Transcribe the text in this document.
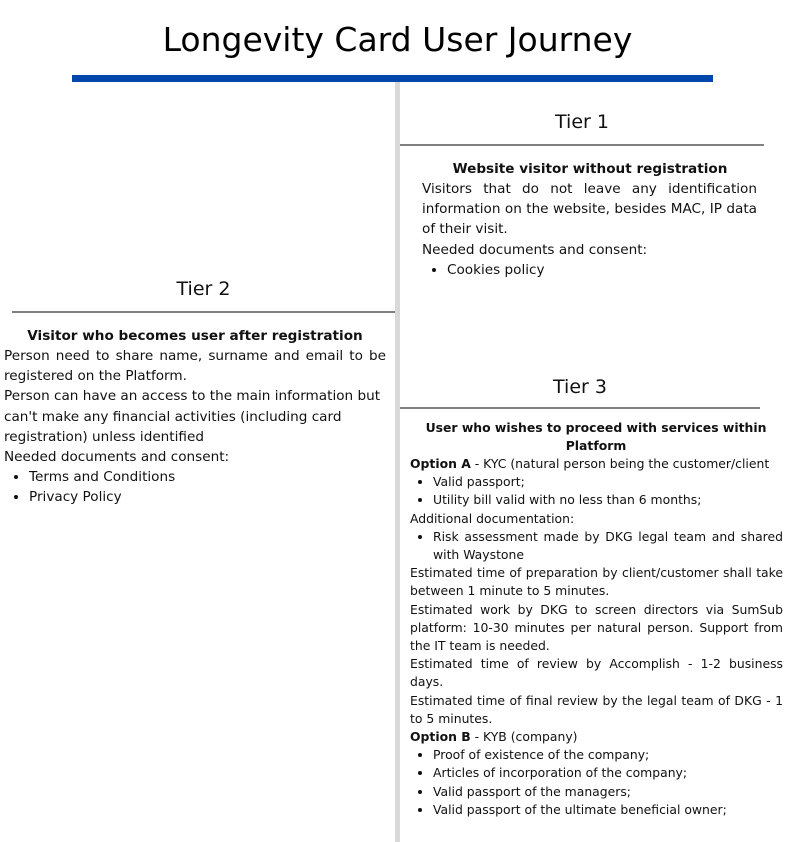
Longevity Card User Journey
Tier 1
Website visitor without registration

Visitors that do not leave any identification information on the website, besides MAC, IP data of their visit.

Needed documents and consent:

• Cookies policy
Tier 2
Visitor who becomes user after registration

Person need to share name, surname and email to be registered on the Platform.

Person can have an access to the main information but can't make any financial activities (including card registration) unless identified

Needed documents and consent:

• Terms and Conditions
• Privacy Policy
Tier 3
User who wishes to proceed with services within Platform

Option A - KYC (natural person being the customer/client

• Valid passport;
• Utility bill valid with no less than 6 months;

Additional documentation:

• Risk assessment made by DKG legal team and shared with Waystone

Estimated time of preparation by client/customer shall take between 1 minute to 5 minutes.

Estimated work by DKG to screen directors via SumSub platform: 10-30 minutes per natural person. Support from the IT team is needed.

Estimated time of review by Accomplish - 1-2 business days.

Estimated time of final review by the legal team of DKG - 1 to 5 minutes.

Option B - KYB (company)

• Proof of existence of the company;
• Articles of incorporation of the company;
• Valid passport of the managers;
• Valid passport of the ultimate beneficial owner;
